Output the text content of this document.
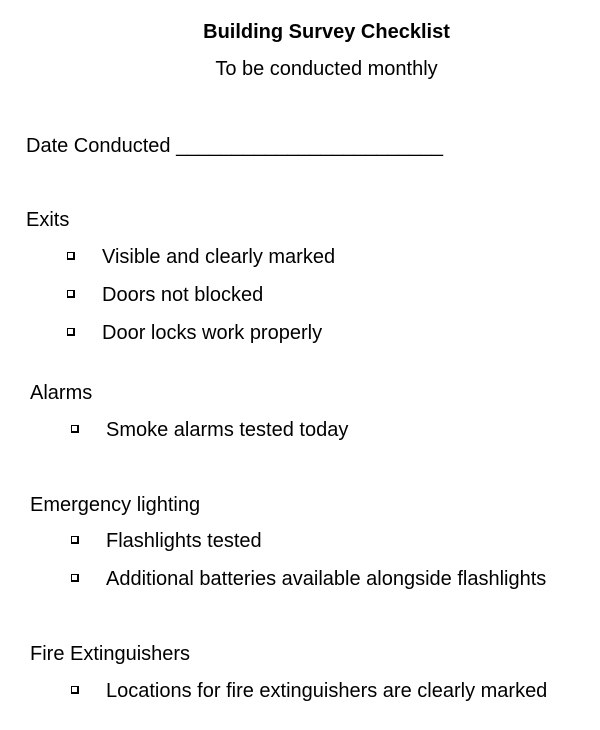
Building Survey Checklist
To be conducted monthly
Date Conducted ________________________
Exits
Visible and clearly marked
Doors not blocked
Door locks work properly
Alarms
Smoke alarms tested today
Emergency lighting
Flashlights tested
Additional batteries available alongside flashlights
Fire Extinguishers
Locations for fire extinguishers are clearly marked
